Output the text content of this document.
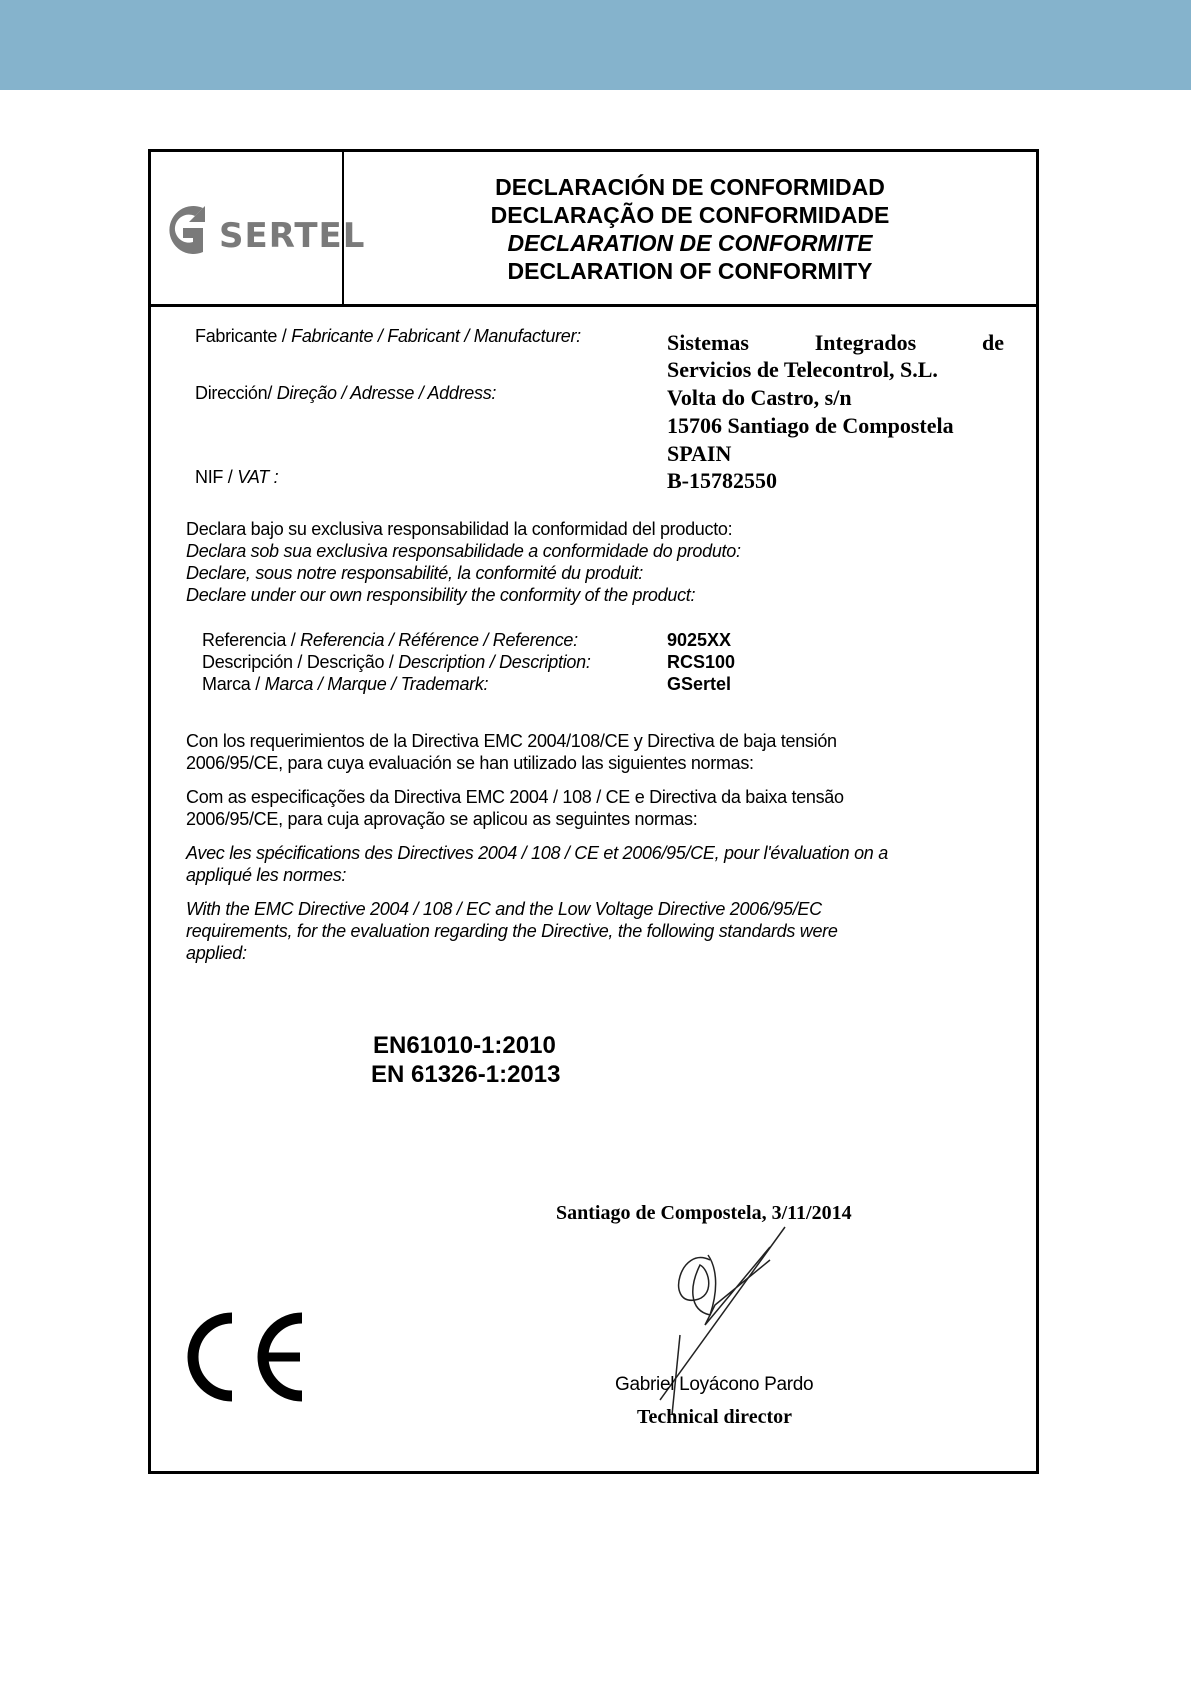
SERTEL
DECLARACIÓN DE CONFORMIDAD
DECLARAÇÃO DE CONFORMIDADE
DECLARATION DE CONFORMITE
DECLARATION OF CONFORMITY
Fabricante / Fabricante / Fabricant / Manufacturer:
Dirección/ Direção / Adresse / Address:
NIF / VAT :
Sistemas Integrados de
Servicios de Telecontrol, S.L.
Volta do Castro, s/n
15706 Santiago de Compostela
SPAIN
B-15782550
Declara bajo su exclusiva responsabilidad la conformidad del producto:
Declara sob sua exclusiva responsabilidade a conformidade do produto:
Declare, sous notre responsabilité, la conformité du produit:
Declare under our own responsibility the conformity of the product:
Referencia / Referencia / Référence / Reference:
Descripción / Descrição / Description / Description:
Marca / Marca / Marque / Trademark:
9025XX
RCS100
GSertel
Con los requerimientos de la Directiva EMC 2004/108/CE y Directiva de baja tensión
2006/95/CE, para cuya evaluación se han utilizado las siguientes normas:
Com as especificações da Directiva EMC 2004 / 108 / CE e Directiva da baixa tensão
2006/95/CE, para cuja aprovação se aplicou as seguintes normas:
Avec les spécifications des Directives 2004 / 108 / CE et 2006/95/CE, pour l'évaluation on a
appliqué les normes:
With the EMC Directive 2004 / 108 / EC and the Low Voltage Directive 2006/95/EC
requirements, for the evaluation regarding the Directive, the following standards were
applied:
EN61010-1:2010
EN 61326-1:2013
Santiago de Compostela, 3/11/2014
Gabriel Loyácono Pardo
Technical director
